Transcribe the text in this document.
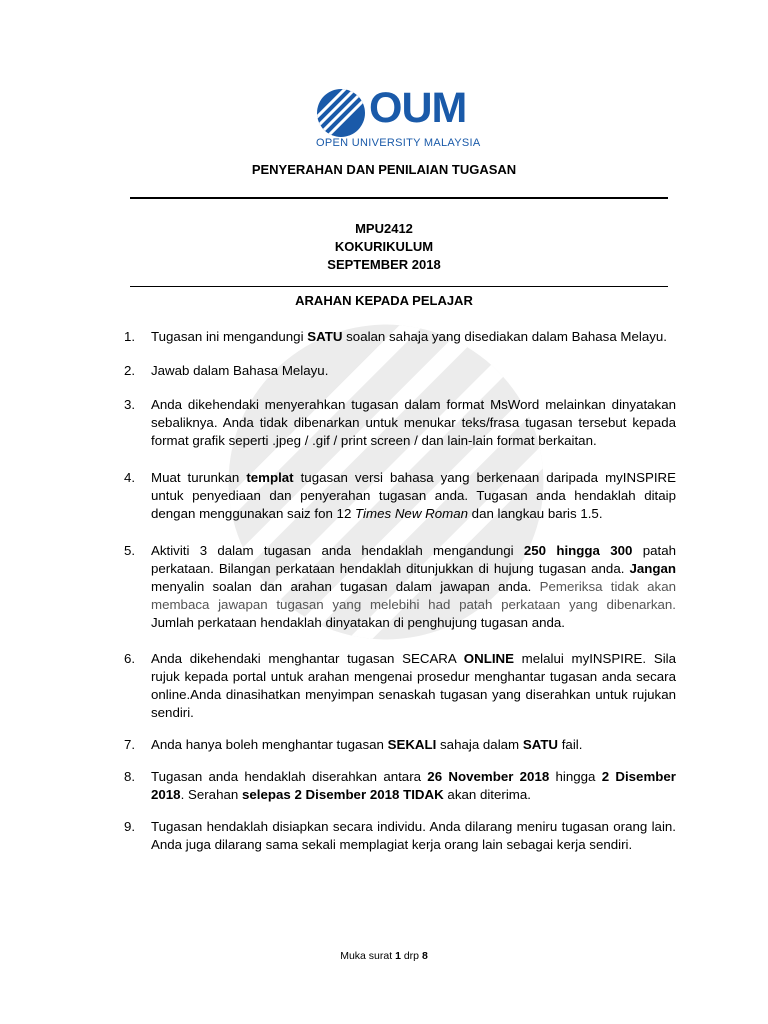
OUM
OPEN UNIVERSITY MALAYSIA
PENYERAHAN DAN PENILAIAN TUGASAN
MPU2412
KOKURIKULUM
SEPTEMBER 2018
ARAHAN KEPADA PELAJAR
1. Tugasan ini mengandungi SATU soalan sahaja yang disediakan dalam Bahasa Melayu.
2. Jawab dalam Bahasa Melayu.
3. Anda dikehendaki menyerahkan tugasan dalam format MsWord melainkan dinyatakan sebaliknya. Anda tidak dibenarkan untuk menukar teks/frasa tugasan tersebut kepada format grafik seperti .jpeg / .gif / print screen / dan lain-lain format berkaitan.
4. Muat turunkan templat tugasan versi bahasa yang berkenaan daripada myINSPIRE untuk penyediaan dan penyerahan tugasan anda. Tugasan anda hendaklah ditaip dengan menggunakan saiz fon 12 Times New Roman dan langkau baris 1.5.
5. Aktiviti 3 dalam tugasan anda hendaklah mengandungi 250 hingga 300 patah perkataan. Bilangan perkataan hendaklah ditunjukkan di hujung tugasan anda. Jangan menyalin soalan dan arahan tugasan dalam jawapan anda. Pemeriksa tidak akan membaca jawapan tugasan yang melebihi had patah perkataan yang dibenarkan. Jumlah perkataan hendaklah dinyatakan di penghujung tugasan anda.
6. Anda dikehendaki menghantar tugasan SECARA ONLINE melalui myINSPIRE. Sila rujuk kepada portal untuk arahan mengenai prosedur menghantar tugasan anda secara online.Anda dinasihatkan menyimpan senaskah tugasan yang diserahkan untuk rujukan sendiri.
7. Anda hanya boleh menghantar tugasan SEKALI sahaja dalam SATU fail.
8. Tugasan anda hendaklah diserahkan antara 26 November 2018 hingga 2 Disember 2018. Serahan selepas 2 Disember 2018 TIDAK akan diterima.
9. Tugasan hendaklah disiapkan secara individu. Anda dilarang meniru tugasan orang lain. Anda juga dilarang sama sekali memplagiat kerja orang lain sebagai kerja sendiri.
Muka surat 1 drp 8
